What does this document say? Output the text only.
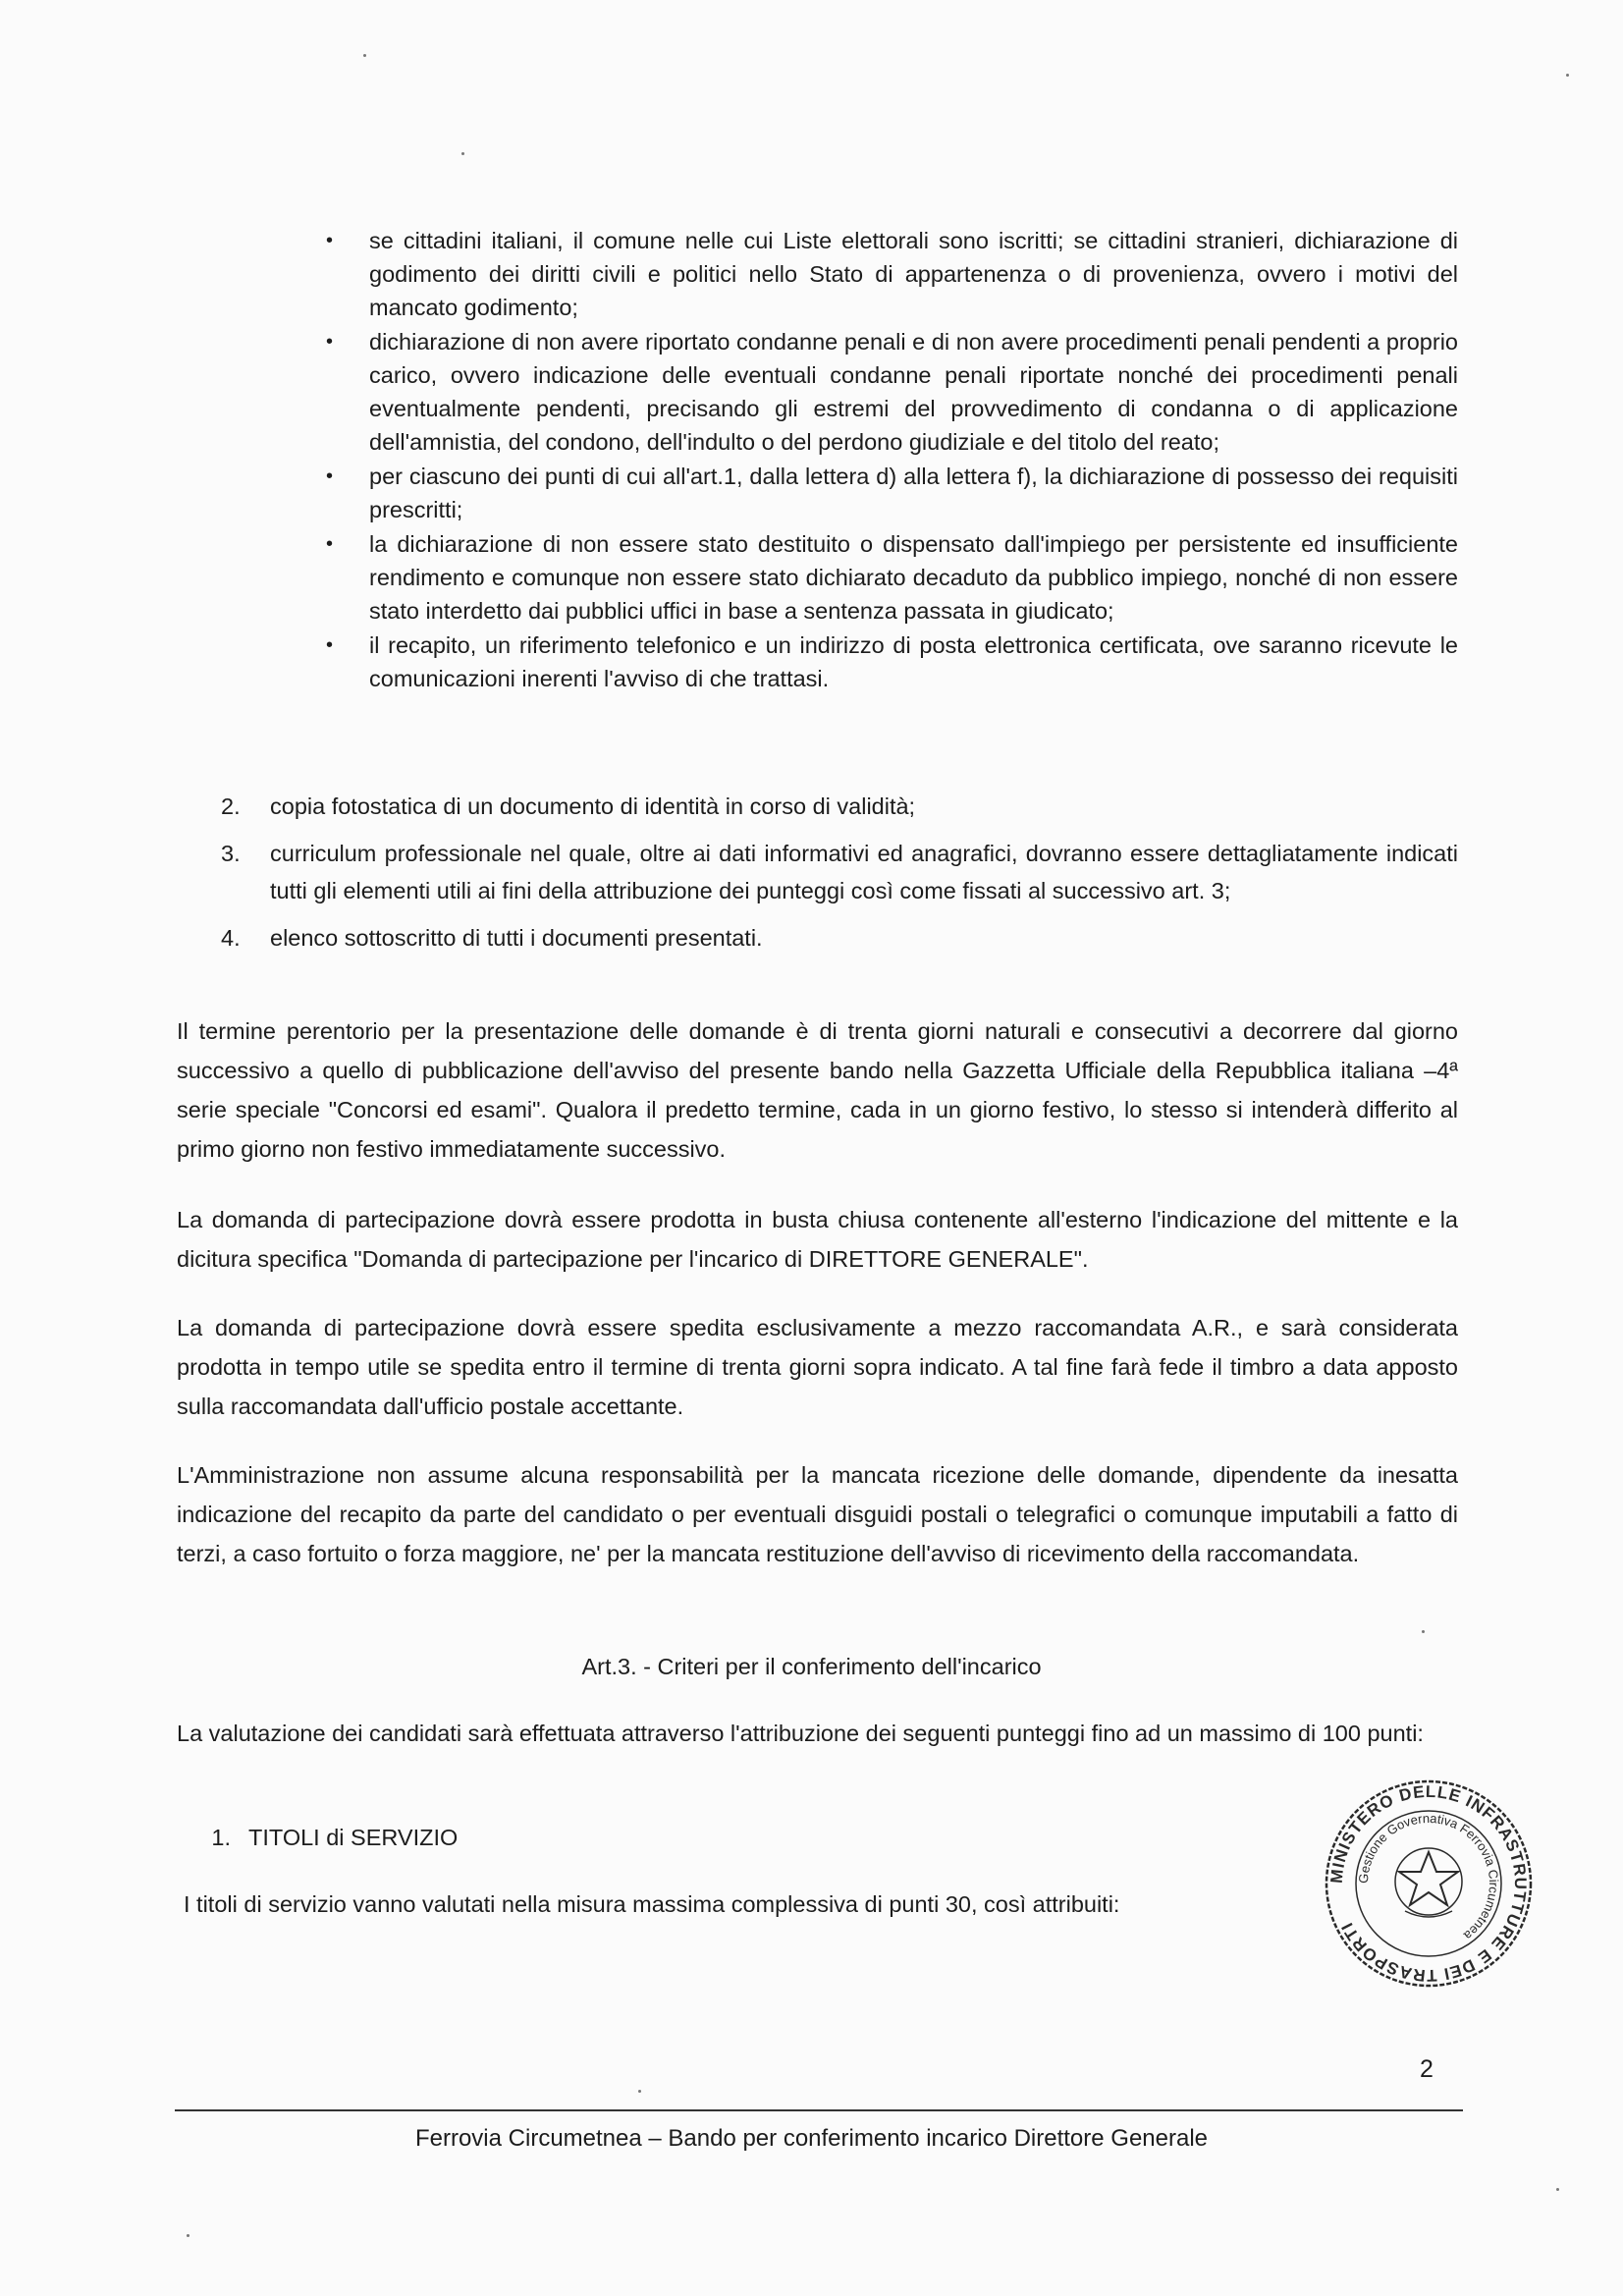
• se cittadini italiani, il comune nelle cui Liste elettorali sono iscritti; se cittadini stranieri, dichiarazione di godimento dei diritti civili e politici nello Stato di appartenenza o di provenienza, ovvero i motivi del mancato godimento;
• dichiarazione di non avere riportato condanne penali e di non avere procedimenti penali pendenti a proprio carico, ovvero indicazione delle eventuali condanne penali riportate nonché dei procedimenti penali eventualmente pendenti, precisando gli estremi del provvedimento di condanna o di applicazione dell'amnistia, del condono, dell'indulto o del perdono giudiziale e del titolo del reato;
• per ciascuno dei punti di cui all'art.1, dalla lettera d) alla lettera f), la dichiarazione di possesso dei requisiti prescritti;
• la dichiarazione di non essere stato destituito o dispensato dall'impiego per persistente ed insufficiente rendimento e comunque non essere stato dichiarato decaduto da pubblico impiego, nonché di non essere stato interdetto dai pubblici uffici in base a sentenza passata in giudicato;
• il recapito, un riferimento telefonico e un indirizzo di posta elettronica certificata, ove saranno ricevute le comunicazioni inerenti l'avviso di che trattasi.
2. copia fotostatica di un documento di identità in corso di validità;
3. curriculum professionale nel quale, oltre ai dati informativi ed anagrafici, dovranno essere dettagliatamente indicati tutti gli elementi utili ai fini della attribuzione dei punteggi così come fissati al successivo art. 3;
4. elenco sottoscritto di tutti i documenti presentati.

Il termine perentorio per la presentazione delle domande è di trenta giorni naturali e consecutivi a decorrere dal giorno successivo a quello di pubblicazione dell'avviso del presente bando nella Gazzetta Ufficiale della Repubblica italiana –4ª serie speciale "Concorsi ed esami". Qualora il predetto termine, cada in un giorno festivo, lo stesso si intenderà differito al primo giorno non festivo immediatamente successivo.

La domanda di partecipazione dovrà essere prodotta in busta chiusa contenente all'esterno l'indicazione del mittente e la dicitura specifica "Domanda di partecipazione per l'incarico di DIRETTORE GENERALE".

La domanda di partecipazione dovrà essere spedita esclusivamente a mezzo raccomandata A.R., e sarà considerata prodotta in tempo utile se spedita entro il termine di trenta giorni sopra indicato. A tal fine farà fede il timbro a data apposto sulla raccomandata dall'ufficio postale accettante.

L'Amministrazione non assume alcuna responsabilità per la mancata ricezione delle domande, dipendente da inesatta indicazione del recapito da parte del candidato o per eventuali disguidi postali o telegrafici o comunque imputabili a fatto di terzi, a caso fortuito o forza maggiore, ne' per la mancata restituzione dell'avviso di ricevimento della raccomandata.

Art.3. - Criteri per il conferimento dell'incarico

La valutazione dei candidati sarà effettuata attraverso l'attribuzione dei seguenti punteggi fino ad un massimo di 100 punti:

1. TITOLI di SERVIZIO

I titoli di servizio vanno valutati nella misura massima complessiva di punti 30, così attribuiti:

MINISTERO DELLE INFRASTRUTTURE E DEI TRASPORTI
Gestione Governativa Ferrovia Circumetnea

2

Ferrovia Circumetnea – Bando per conferimento incarico Direttore Generale
